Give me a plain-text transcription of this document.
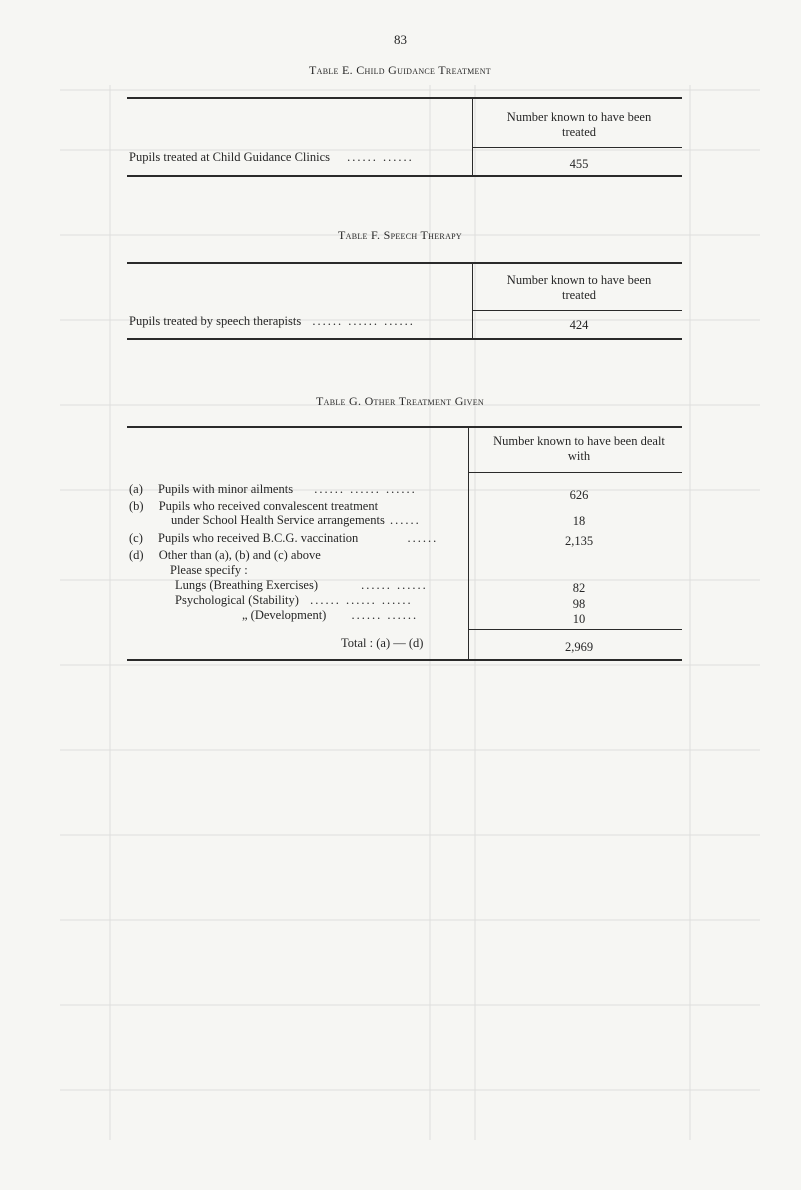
83
Table E. Child Guidance Treatment
Number known to have been treated
Pupils treated at Child Guidance Clinics ...... ......	455
Table F. Speech Therapy
Number known to have been treated
Pupils treated by speech therapists ...... ...... ......	424
Table G. Other Treatment Given
Number known to have been dealt with
(a) Pupils with minor ailments ...... ...... ......	626
(b) Pupils who received convalescent treatment
under School Health Service arrangements ......	18
(c) Pupils who received B.C.G. vaccination	......	2,135
(d) Other than (a), (b) and (c) above
Please specify :
Lungs (Breathing Exercises)	...... ......	82
Psychological (Stability) ...... ...... ......	98
„ (Development) ...... ......	10
Total : (a) — (d)	2,969
